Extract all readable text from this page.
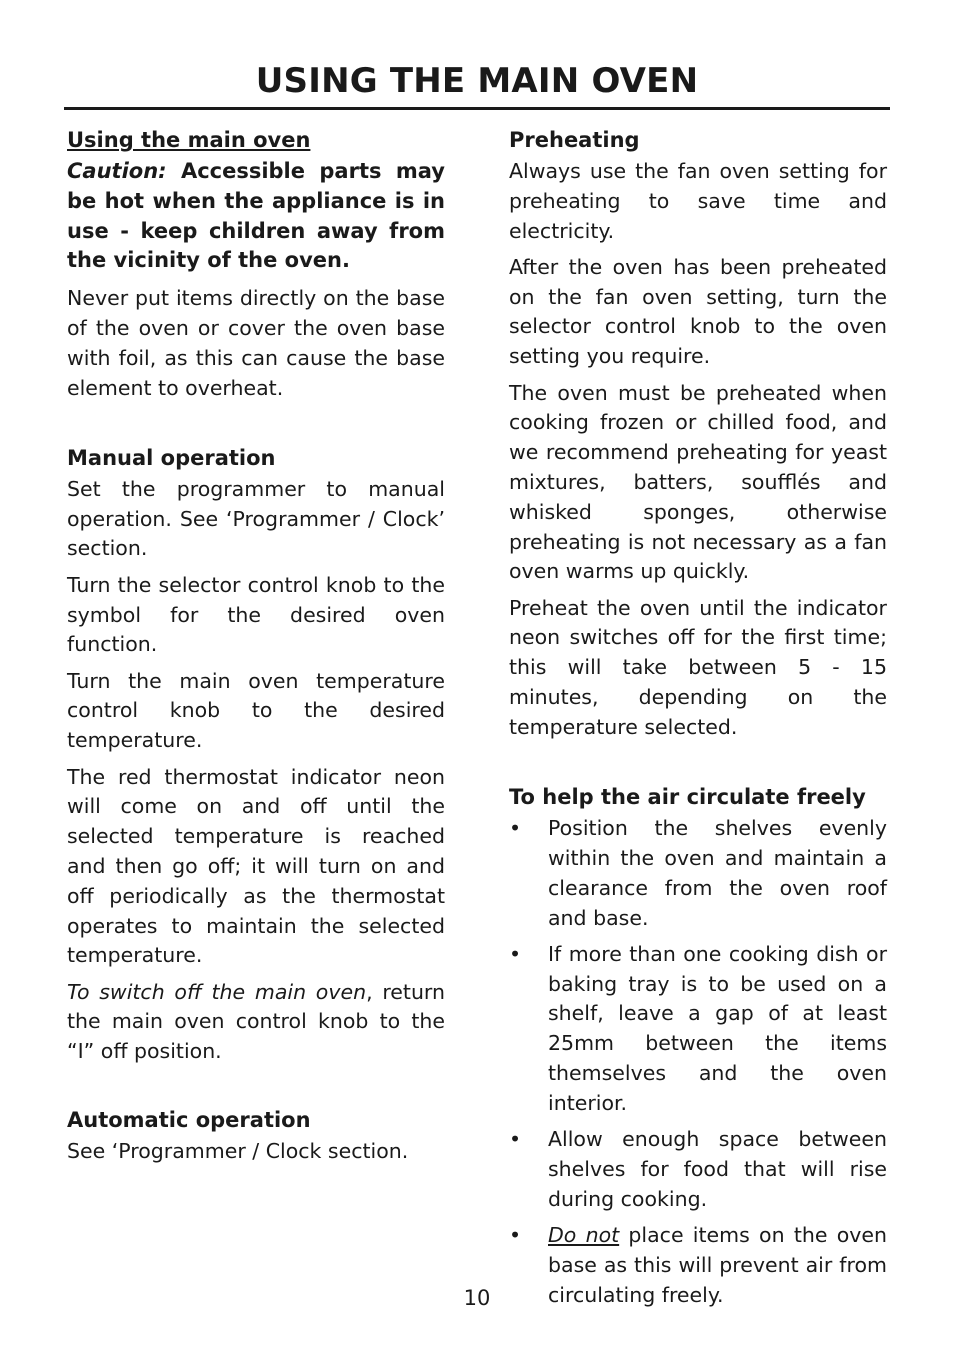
USING THE MAIN OVEN
Using the main oven

Caution: Accessible parts may be hot when the appliance is in use - keep children away from the vicinity of the oven.

Never put items directly on the base of the oven or cover the oven base with foil, as this can cause the base element to overheat.

Manual operation

Set the programmer to manual operation. See ‘Programmer / Clock’ section.

Turn the selector control knob to the symbol for the desired oven function.

Turn the main oven temperature control knob to the desired temperature.

The red thermostat indicator neon will come on and off until the selected temperature is reached and then go off; it will turn on and off periodically as the thermostat operates to maintain the selected temperature.

To switch off the main oven, return the main oven control knob to the “I” off position.

Automatic operation

See ‘Programmer / Clock section.

Preheating

Always use the fan oven setting for preheating to save time and electricity.

After the oven has been preheated on the fan oven setting, turn the selector control knob to the oven setting you require.

The oven must be preheated when cooking frozen or chilled food, and we recommend preheating for yeast mixtures, batters, soufflés and whisked sponges, otherwise preheating is not necessary as a fan oven warms up quickly.

Preheat the oven until the indicator neon switches off for the first time; this will take between 5 - 15 minutes, depending on the temperature selected.

To help the air circulate freely
• Position the shelves evenly within the oven and maintain a clearance from the oven roof and base.
• If more than one cooking dish or baking tray is to be used on a shelf, leave a gap of at least 25mm between the items themselves and the oven interior.
• Allow enough space between shelves for food that will rise during cooking.
• Do not place items on the oven base as this will prevent air from circulating freely.
10
